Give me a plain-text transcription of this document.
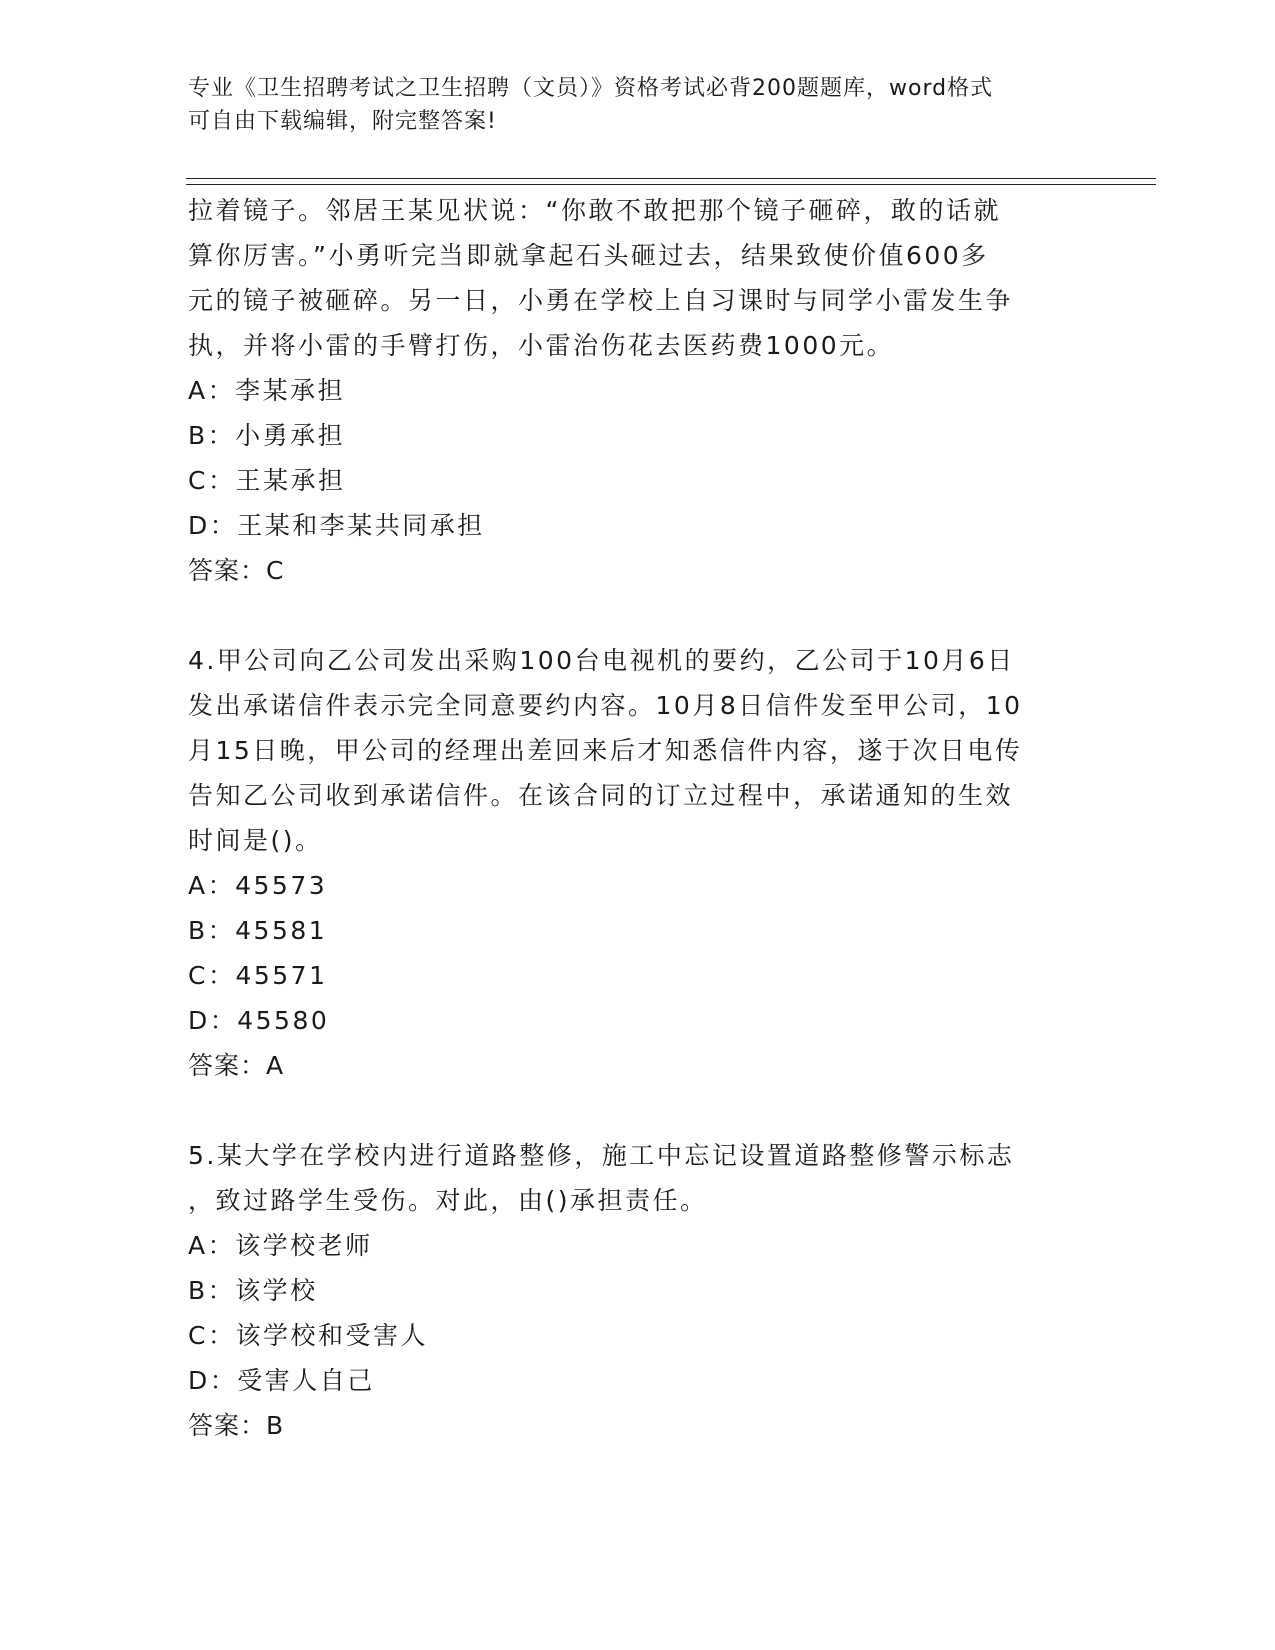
专业《卫生招聘考试之卫生招聘（文员）》资格考试必背200题题库，word格式
可自由下载编辑，附完整答案!
拉着镜子。邻居王某见状说：“你敢不敢把那个镜子砸碎，敢的话就
算你厉害。”小勇听完当即就拿起石头砸过去，结果致使价值600多
元的镜子被砸碎。另一日，小勇在学校上自习课时与同学小雷发生争
执，并将小雷的手臂打伤，小雷治伤花去医药费1000元。
A：李某承担
B：小勇承担
C：王某承担
D：王某和李某共同承担
答案：C
4.甲公司向乙公司发出采购100台电视机的要约，乙公司于10月6日
发出承诺信件表示完全同意要约内容。10月8日信件发至甲公司，10
月15日晚，甲公司的经理出差回来后才知悉信件内容，遂于次日电传
告知乙公司收到承诺信件。在该合同的订立过程中，承诺通知的生效
时间是()。
A：45573
B：45581
C：45571
D：45580
答案：A
5.某大学在学校内进行道路整修，施工中忘记设置道路整修警示标志
，致过路学生受伤。对此，由()承担责任。
A：该学校老师
B：该学校
C：该学校和受害人
D：受害人自己
答案：B
